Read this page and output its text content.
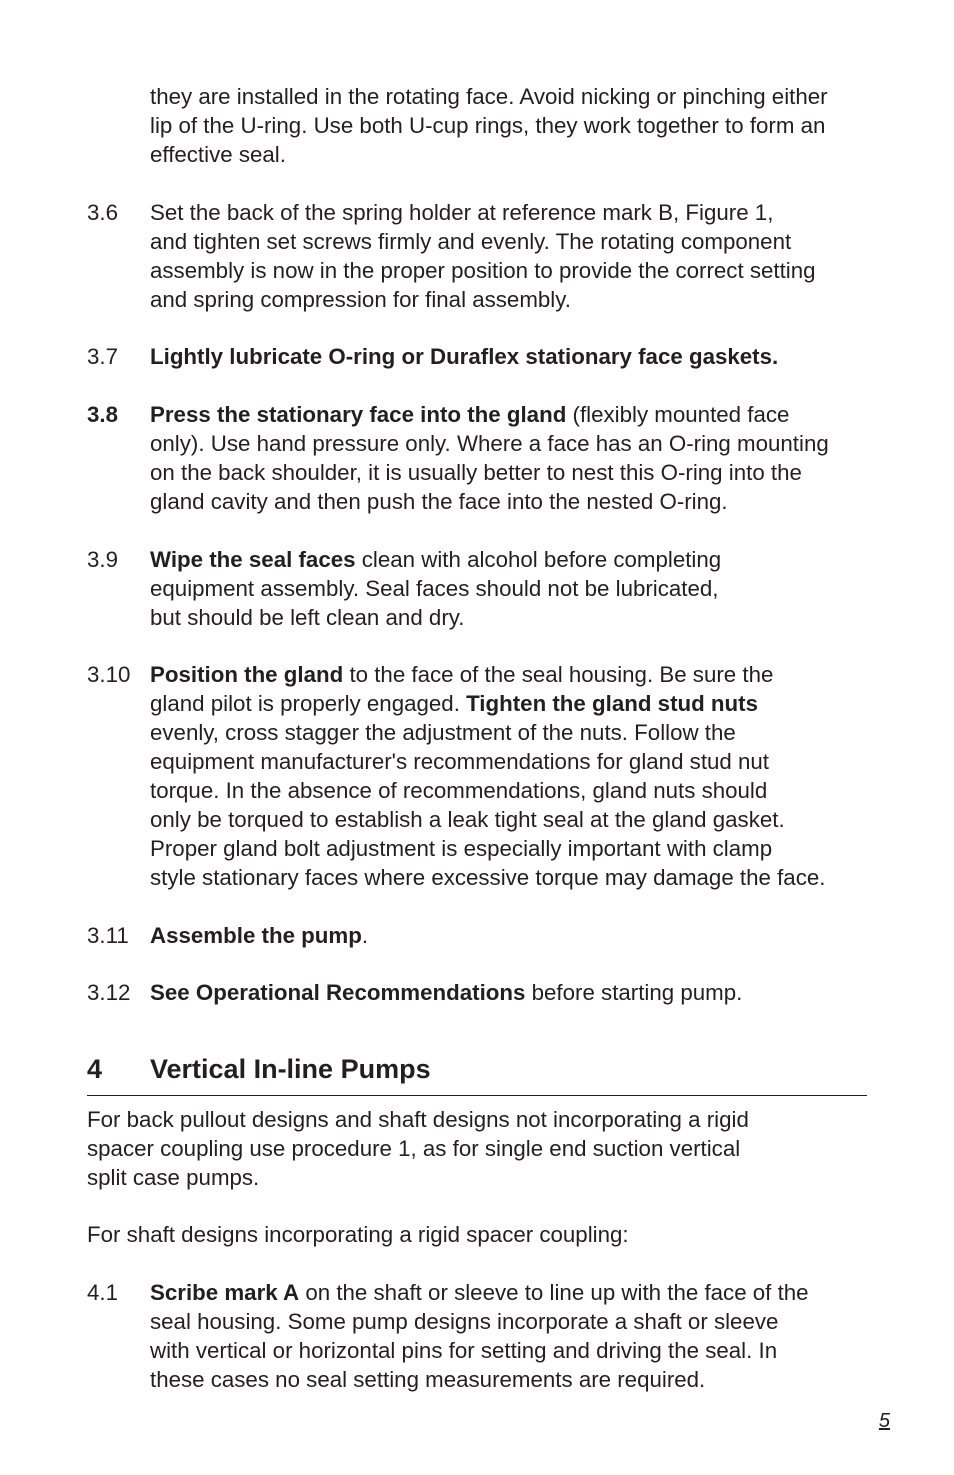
they are installed in the rotating face. Avoid nicking or pinching either
lip of the U-ring. Use both U-cup rings, they work together to form an
effective seal.
3.6	Set the back of the spring holder at reference mark B, Figure 1,
and tighten set screws firmly and evenly. The rotating component
assembly is now in the proper position to provide the correct setting
and spring compression for final assembly.
3.7	Lightly lubricate O-ring or Duraflex stationary face gaskets.
3.8	Press the stationary face into the gland (flexibly mounted face
only). Use hand pressure only. Where a face has an O-ring mounting
on the back shoulder, it is usually better to nest this O-ring into the
gland cavity and then push the face into the nested O-ring.
3.9	Wipe the seal faces clean with alcohol before completing
equipment assembly. Seal faces should not be lubricated,
but should be left clean and dry.
3.10 Position the gland to the face of the seal housing. Be sure the
gland pilot is properly engaged. Tighten the gland stud nuts
evenly, cross stagger the adjustment of the nuts. Follow the
equipment manufacturer's recommendations for gland stud nut
torque. In the absence of recommendations, gland nuts should
only be torqued to establish a leak tight seal at the gland gasket.
Proper gland bolt adjustment is especially important with clamp
style stationary faces where excessive torque may damage the face.
3.11 Assemble the pump.
3.12 See Operational Recommendations before starting pump.
4 Vertical In-line Pumps
For back pullout designs and shaft designs not incorporating a rigid
spacer coupling use procedure 1, as for single end suction vertical
split case pumps.
For shaft designs incorporating a rigid spacer coupling:
4.1	Scribe mark A on the shaft or sleeve to line up with the face of the
seal housing. Some pump designs incorporate a shaft or sleeve
with vertical or horizontal pins for setting and driving the seal. In
these cases no seal setting measurements are required.
5
